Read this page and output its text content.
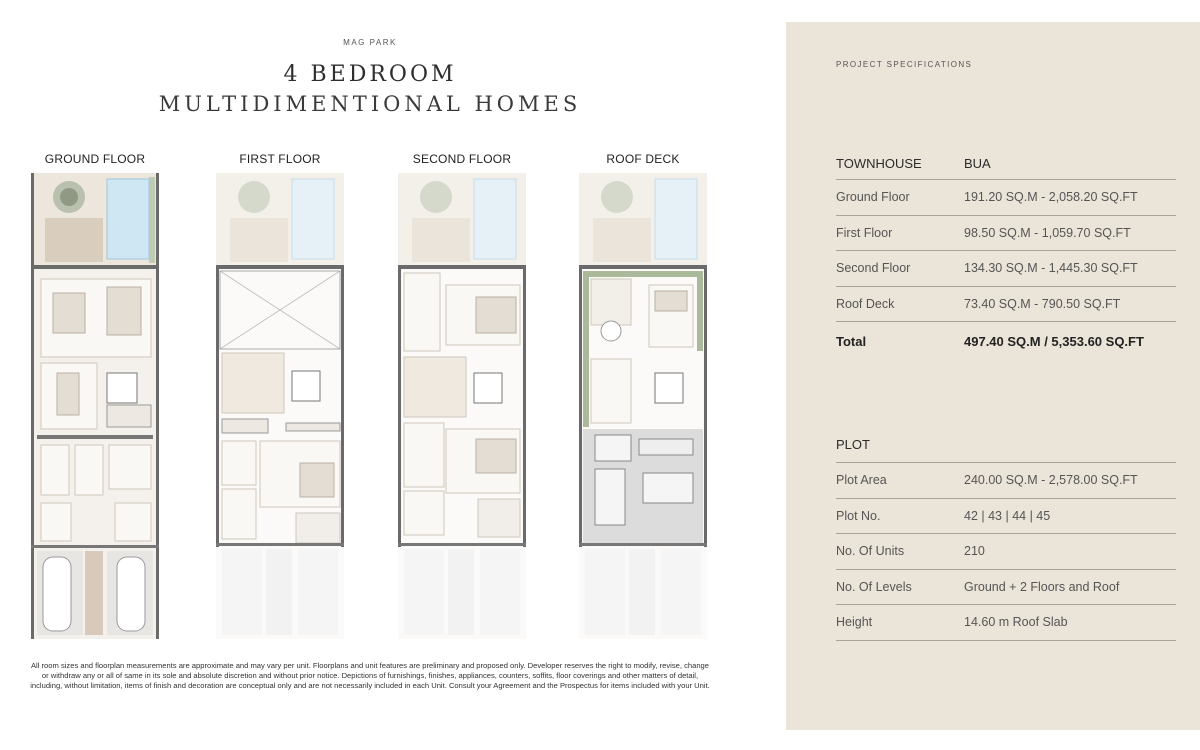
MAG PARK
4 BEDROOM
MULTIDIMENTIONAL HOMES
GROUND FLOOR	FIRST FLOOR	SECOND FLOOR	ROOF DECK
All room sizes and floorplan measurements are approximate and may vary per unit. Floorplans and unit features are preliminary and proposed only. Developer reserves the right to modify, revise, change or withdraw any or all of same in its sole and absolute discretion and without prior notice. Depictions of furnishings, finishes, appliances, counters, soffits, floor coverings and other matters of detail, including, without limitation, items of finish and decoration are conceptual only and are not necessarily included in each Unit. Consult your Agreement and the Prospectus for items included with your Unit.
PROJECT SPECIFICATIONS
TOWNHOUSE	BUA
Ground Floor	191.20 SQ.M - 2,058.20 SQ.FT
First Floor	98.50 SQ.M - 1,059.70 SQ.FT
Second Floor	134.30 SQ.M - 1,445.30 SQ.FT
Roof Deck	73.40 SQ.M - 790.50 SQ.FT
Total	497.40 SQ.M / 5,353.60 SQ.FT
PLOT
Plot Area	240.00 SQ.M - 2,578.00 SQ.FT
Plot No.	42 | 43 | 44 | 45
No. Of Units	210
No. Of Levels	Ground + 2 Floors and Roof
Height	14.60 m Roof Slab
